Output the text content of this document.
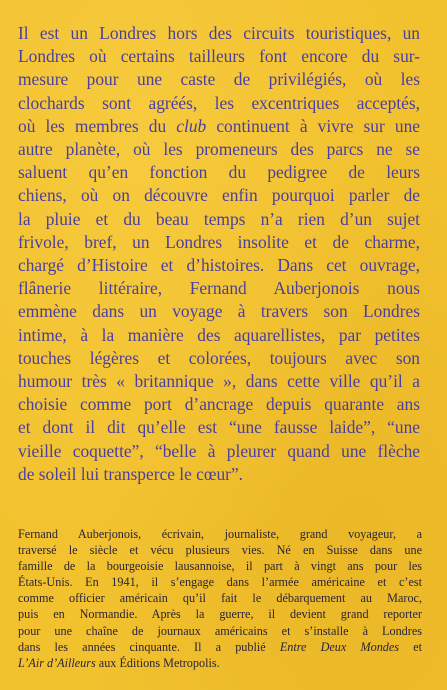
Il est un Londres hors des circuits touristiques, un
Londres où certains tailleurs font encore du sur-
mesure pour une caste de privilégiés, où les
clochards sont agréés, les excentriques acceptés,
où les membres du club continuent à vivre sur une
autre planète, où les promeneurs des parcs ne se
saluent qu’en fonction du pedigree de leurs
chiens, où on découvre enfin pourquoi parler de
la pluie et du beau temps n’a rien d’un sujet
frivole, bref, un Londres insolite et de charme,
chargé d’Histoire et d’histoires. Dans cet ouvrage,
flânerie littéraire, Fernand Auberjonois nous
emmène dans un voyage à travers son Londres
intime, à la manière des aquarellistes, par petites
touches légères et colorées, toujours avec son
humour très « britannique », dans cette ville qu’il a
choisie comme port d’ancrage depuis quarante ans
et dont il dit qu’elle est “une fausse laide”, “une
vieille coquette”, “belle à pleurer quand une flèche
de soleil lui transperce le cœur”.
Fernand Auberjonois, écrivain, journaliste, grand voyageur, a
traversé le siècle et vécu plusieurs vies. Né en Suisse dans une
famille de la bourgeoisie lausannoise, il part à vingt ans pour les
États-Unis. En 1941, il s’engage dans l’armée américaine et c’est
comme officier américain qu’il fait le débarquement au Maroc,
puis en Normandie. Après la guerre, il devient grand reporter
pour une chaîne de journaux américains et s’installe à Londres
dans les années cinquante. Il a publié Entre Deux Mondes et
L’Air d’Ailleurs aux Éditions Metropolis.
